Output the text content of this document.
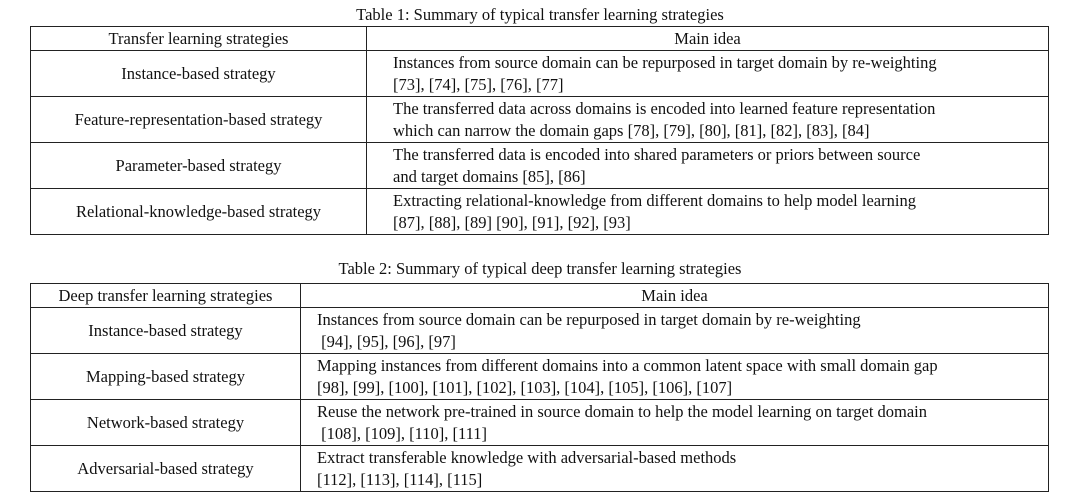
Table 1: Summary of typical transfer learning strategies
Transfer learning strategies	Main idea
Instance-based strategy	Instances from source domain can be repurposed in target domain by re-weighting
[73], [74], [75], [76], [77]

Feature-representation-based strategy	The transferred data across domains is encoded into learned feature representation
which can narrow the domain gaps [78], [79], [80], [81], [82], [83], [84]

Parameter-based strategy	The transferred data is encoded into shared parameters or priors between source
and target domains [85], [86]

Relational-knowledge-based strategy	Extracting relational-knowledge from different domains to help model learning
[87], [88], [89] [90], [91], [92], [93]
Table 2: Summary of typical deep transfer learning strategies
Deep transfer learning strategies	Main idea
Instance-based strategy	Instances from source domain can be repurposed in target domain by re-weighting
[94], [95], [96], [97]

Mapping-based strategy	Mapping instances from different domains into a common latent space with small domain gap
[98], [99], [100], [101], [102], [103], [104], [105], [106], [107]

Network-based strategy	Reuse the network pre-trained in source domain to help the model learning on target domain
[108], [109], [110], [111]

Adversarial-based strategy	Extract transferable knowledge with adversarial-based methods
[112], [113], [114], [115]
